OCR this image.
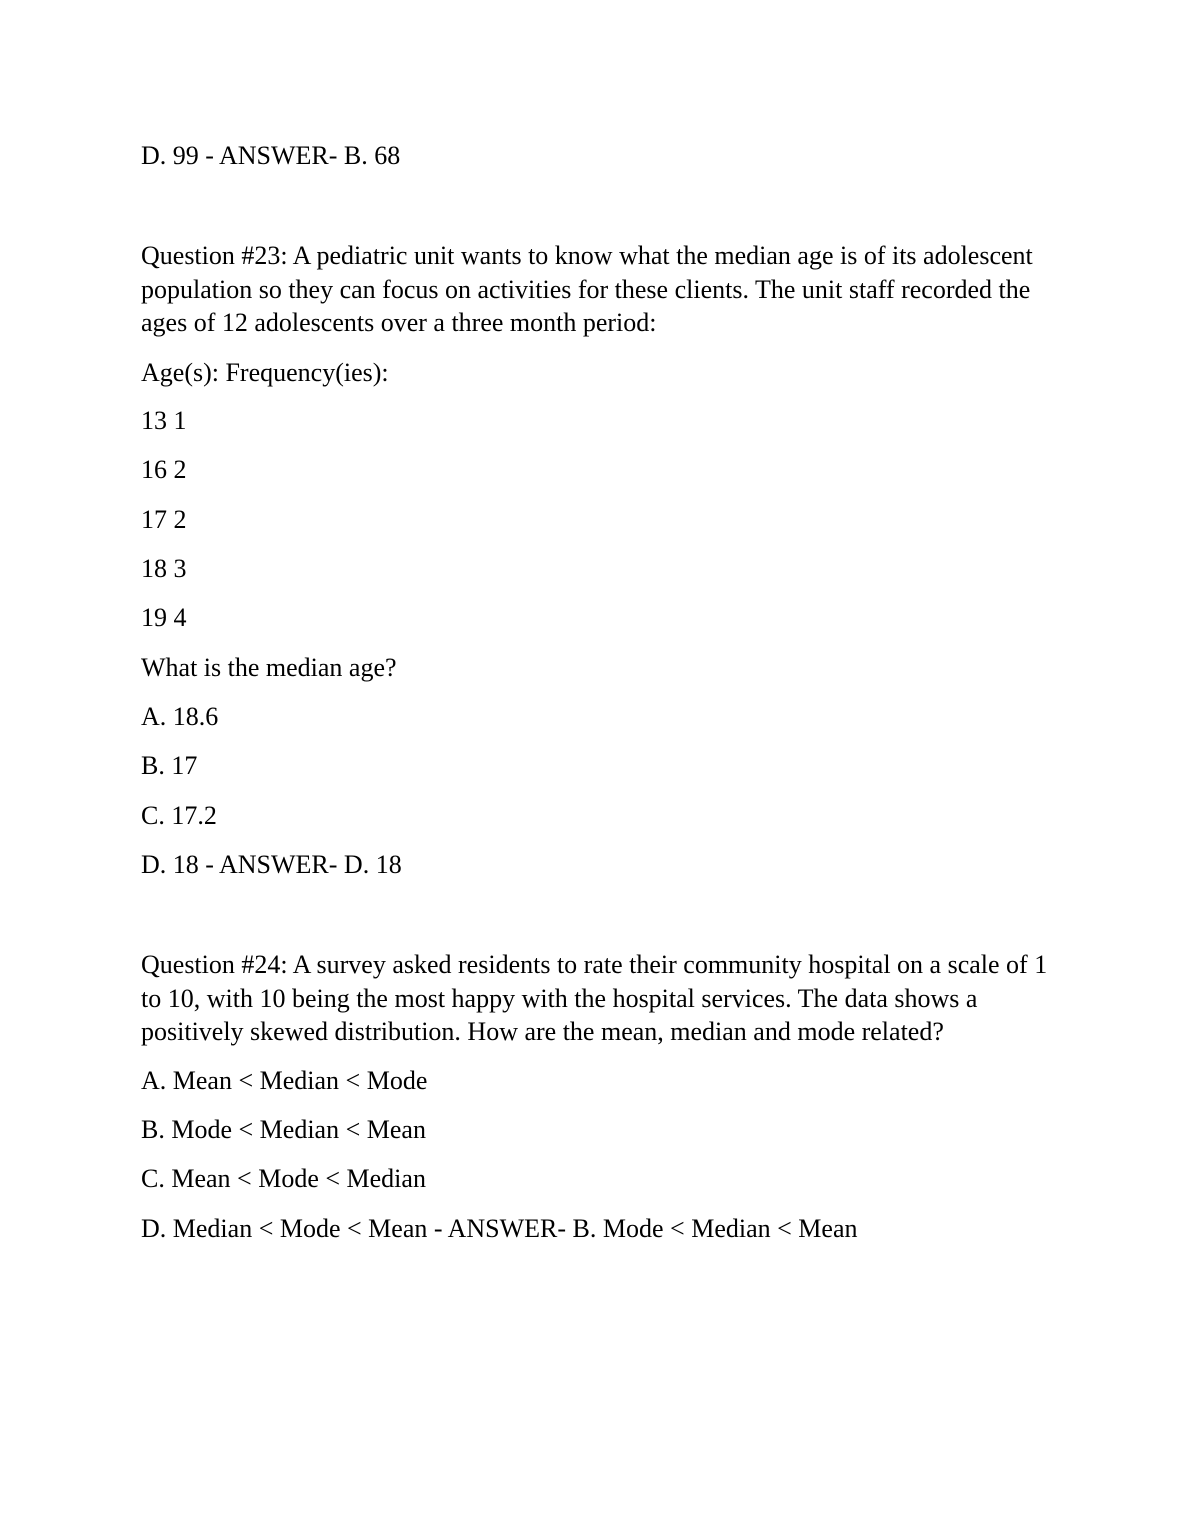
D. 99 - ANSWER- B. 68
Question #23: A pediatric unit wants to know what the median age is of its adolescent population so they can focus on activities for these clients. The unit staff recorded the ages of 12 adolescents over a three month period:
Age(s): Frequency(ies):
13 1
16 2
17 2
18 3
19 4
What is the median age?
A. 18.6
B. 17
C. 17.2
D. 18 - ANSWER- D. 18
Question #24: A survey asked residents to rate their community hospital on a scale of 1 to 10, with 10 being the most happy with the hospital services. The data shows a positively skewed distribution. How are the mean, median and mode related?
A. Mean < Median < Mode
B. Mode < Median < Mean
C. Mean < Mode < Median
D. Median < Mode < Mean - ANSWER- B. Mode < Median < Mean
